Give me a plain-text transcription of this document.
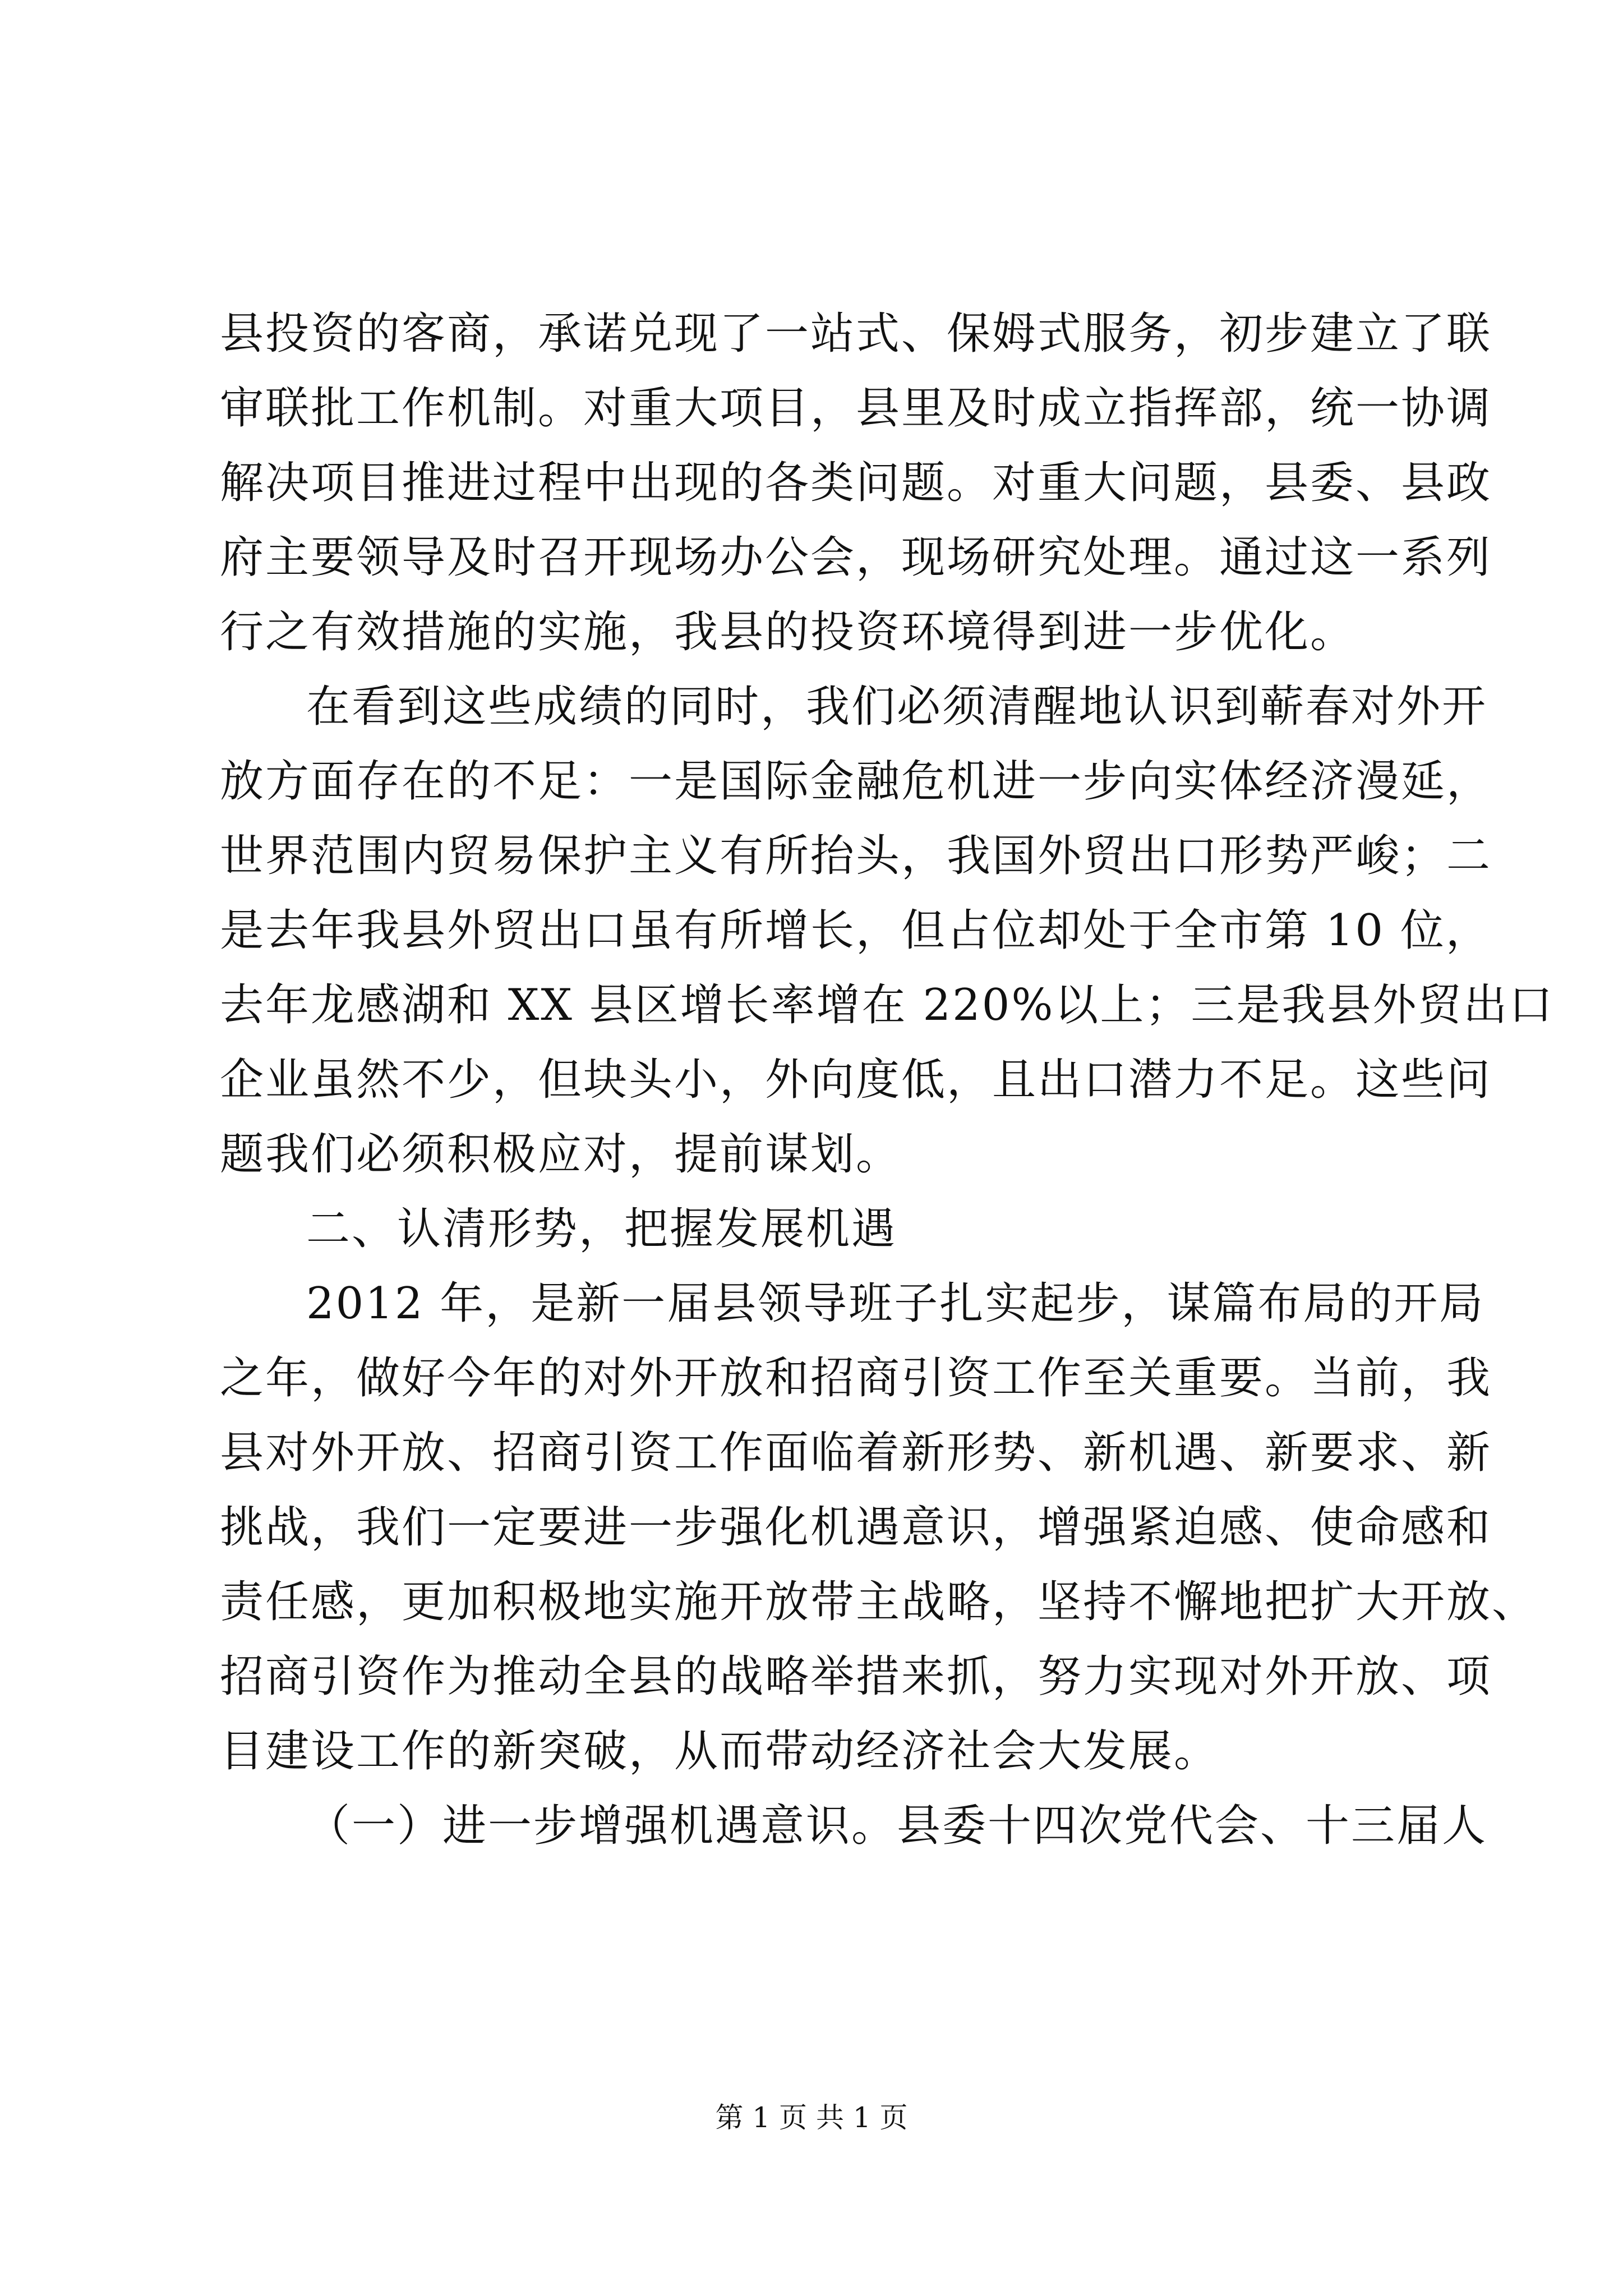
县投资的客商，承诺兑现了一站式、保姆式服务，初步建立了联
审联批工作机制。对重大项目，县里及时成立指挥部，统一协调
解决项目推进过程中出现的各类问题。对重大问题，县委、县政
府主要领导及时召开现场办公会，现场研究处理。通过这一系列
行之有效措施的实施，我县的投资环境得到进一步优化。
在看到这些成绩的同时，我们必须清醒地认识到蕲春对外开
放方面存在的不足：一是国际金融危机进一步向实体经济漫延，
世界范围内贸易保护主义有所抬头，我国外贸出口形势严峻；二
是去年我县外贸出口虽有所增长，但占位却处于全市第 10 位，
去年龙感湖和 XX 县区增长率增在 220%以上；三是我县外贸出口
企业虽然不少，但块头小，外向度低，且出口潜力不足。这些问
题我们必须积极应对，提前谋划。
二、认清形势，把握发展机遇
2012 年，是新一届县领导班子扎实起步，谋篇布局的开局
之年，做好今年的对外开放和招商引资工作至关重要。当前，我
县对外开放、招商引资工作面临着新形势、新机遇、新要求、新
挑战，我们一定要进一步强化机遇意识，增强紧迫感、使命感和
责任感，更加积极地实施开放带主战略，坚持不懈地把扩大开放、
招商引资作为推动全县的战略举措来抓，努力实现对外开放、项
目建设工作的新突破，从而带动经济社会大发展。
（一）进一步增强机遇意识。县委十四次党代会、十三届人
第 1 页 共 1 页
